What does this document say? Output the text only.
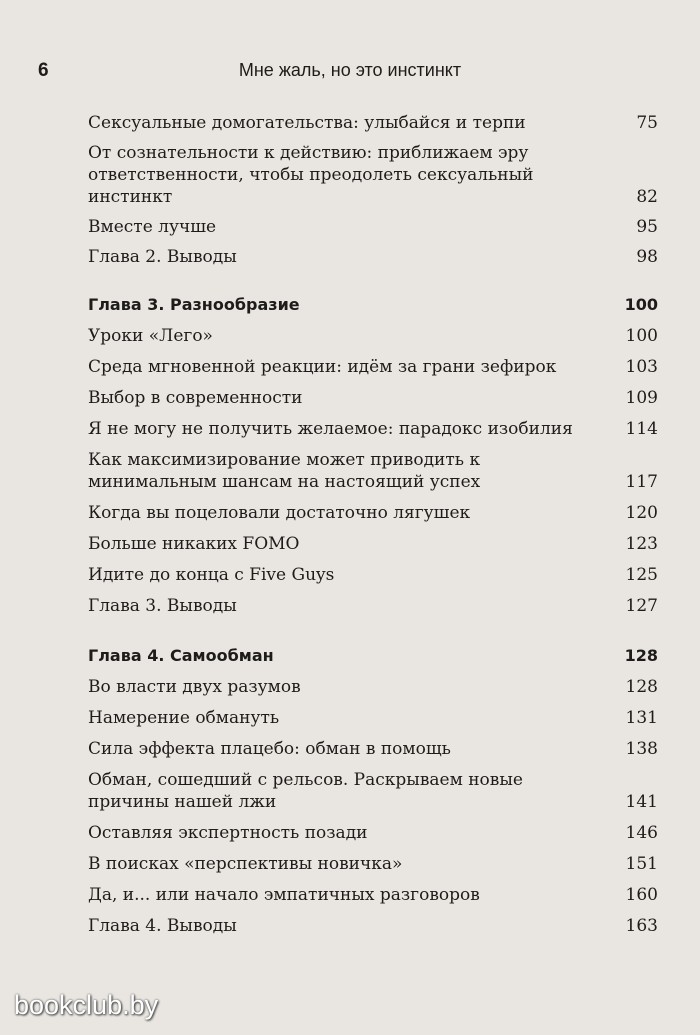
6	Мне жаль, но это инстинкт
Сексуальные домогательства: улыбайся и терпи	75
От сознательности к действию: приближаем эру ответственности, чтобы преодолеть сексуальный инстинкт	82
Вместе лучше	95
Глава 2. Выводы	98
Глава 3. Разнообразие	100
Уроки «Лего»	100
Среда мгновенной реакции: идём за грани зефирок	103
Выбор в современности	109
Я не могу не получить желаемое: парадокс изобилия	114
Как максимизирование может приводить к минимальным шансам на настоящий успех	117
Когда вы поцеловали достаточно лягушек	120
Больше никаких FOMO	123
Идите до конца с Five Guys	125
Глава 3. Выводы	127
Глава 4. Самообман	128
Во власти двух разумов	128
Намерение обмануть	131
Сила эффекта плацебо: обман в помощь	138
Обман, сошедший с рельсов. Раскрываем новые причины нашей лжи	141
Оставляя экспертность позади	146
В поисках «перспективы новичка»	151
Да, и... или начало эмпатичных разговоров	160
Глава 4. Выводы	163
bookclub.by
